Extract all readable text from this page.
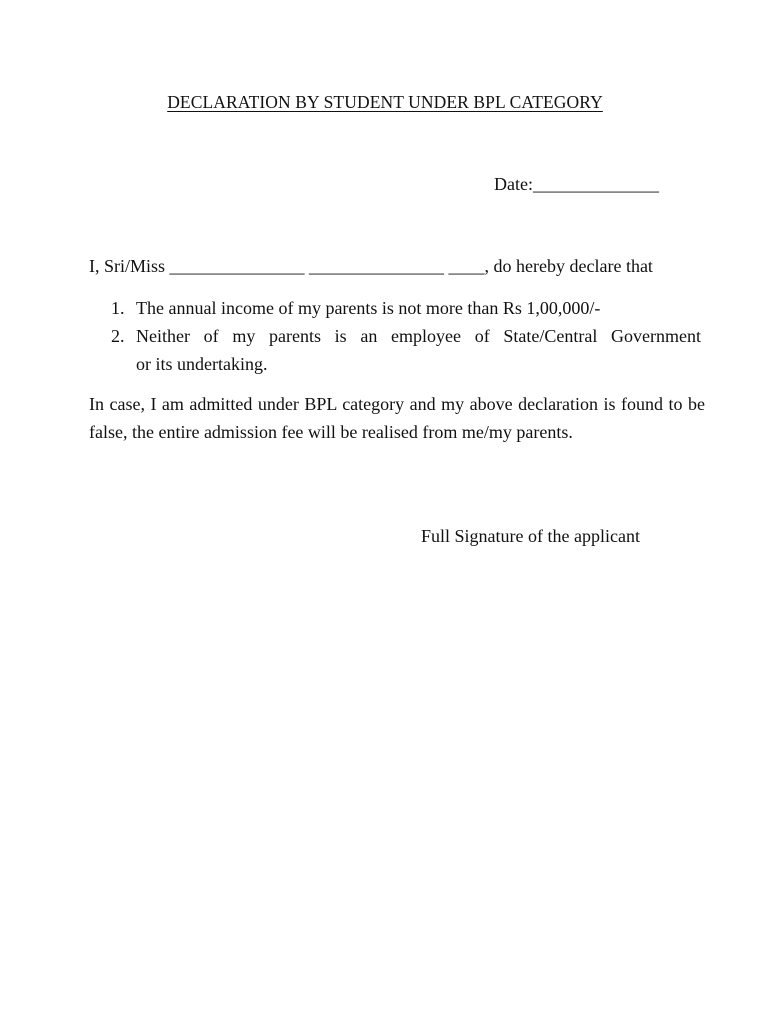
DECLARATION BY STUDENT UNDER BPL CATEGORY
Date:______________
I, Sri/Miss _______________ _______________ ____, do hereby declare that
1. The annual income of my parents is not more than Rs 1,00,000/-
2. Neither of my parents is an employee of State/Central Government
or its undertaking.
In case, I am admitted under BPL category and my above declaration is found to be false, the entire admission fee will be realised from me/my parents.
Full Signature of the applicant
